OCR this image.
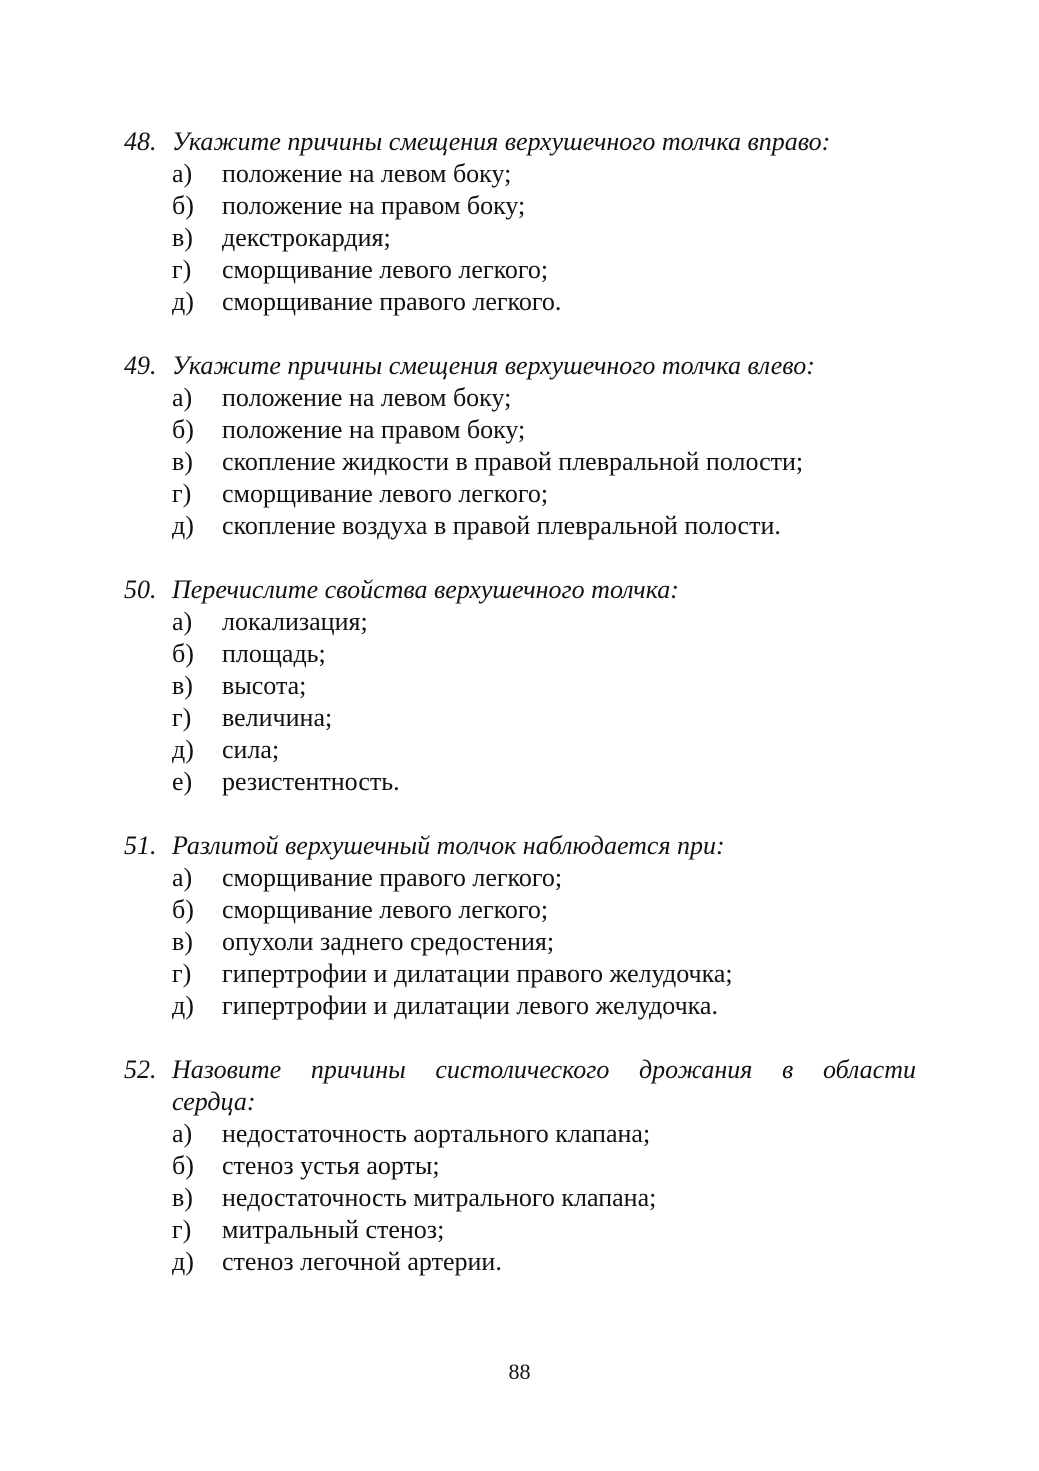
48. Укажите причины смещения верхушечного толчка вправо:
а)	положение на левом боку;
б)	положение на правом боку;
в)	декстрокардия;
г)	сморщивание левого легкого;
д)	сморщивание правого легкого.
49. Укажите причины смещения верхушечного толчка влево:
а)	положение на левом боку;
б)	положение на правом боку;
в)	скопление жидкости в правой плевральной полости;
г)	сморщивание левого легкого;
д)	скопление воздуха в правой плевральной полости.
50. Перечислите свойства верхушечного толчка:
а)	локализация;
б)	площадь;
в)	высота;
г)	величина;
д)	сила;
е)	резистентность.
51. Разлитой верхушечный толчок наблюдается при:
а)	сморщивание правого легкого;
б)	сморщивание левого легкого;
в)	опухоли заднего средостения;
г)	гипертрофии и дилатации правого желудочка;
д)	гипертрофии и дилатации левого желудочка.
52. Назовите причины систолического дрожания в области
сердца:
а)	недостаточность аортального клапана;
б)	стеноз устья аорты;
в)	недостаточность митрального клапана;
г)	митральный стеноз;
д)	стеноз легочной артерии.
88
